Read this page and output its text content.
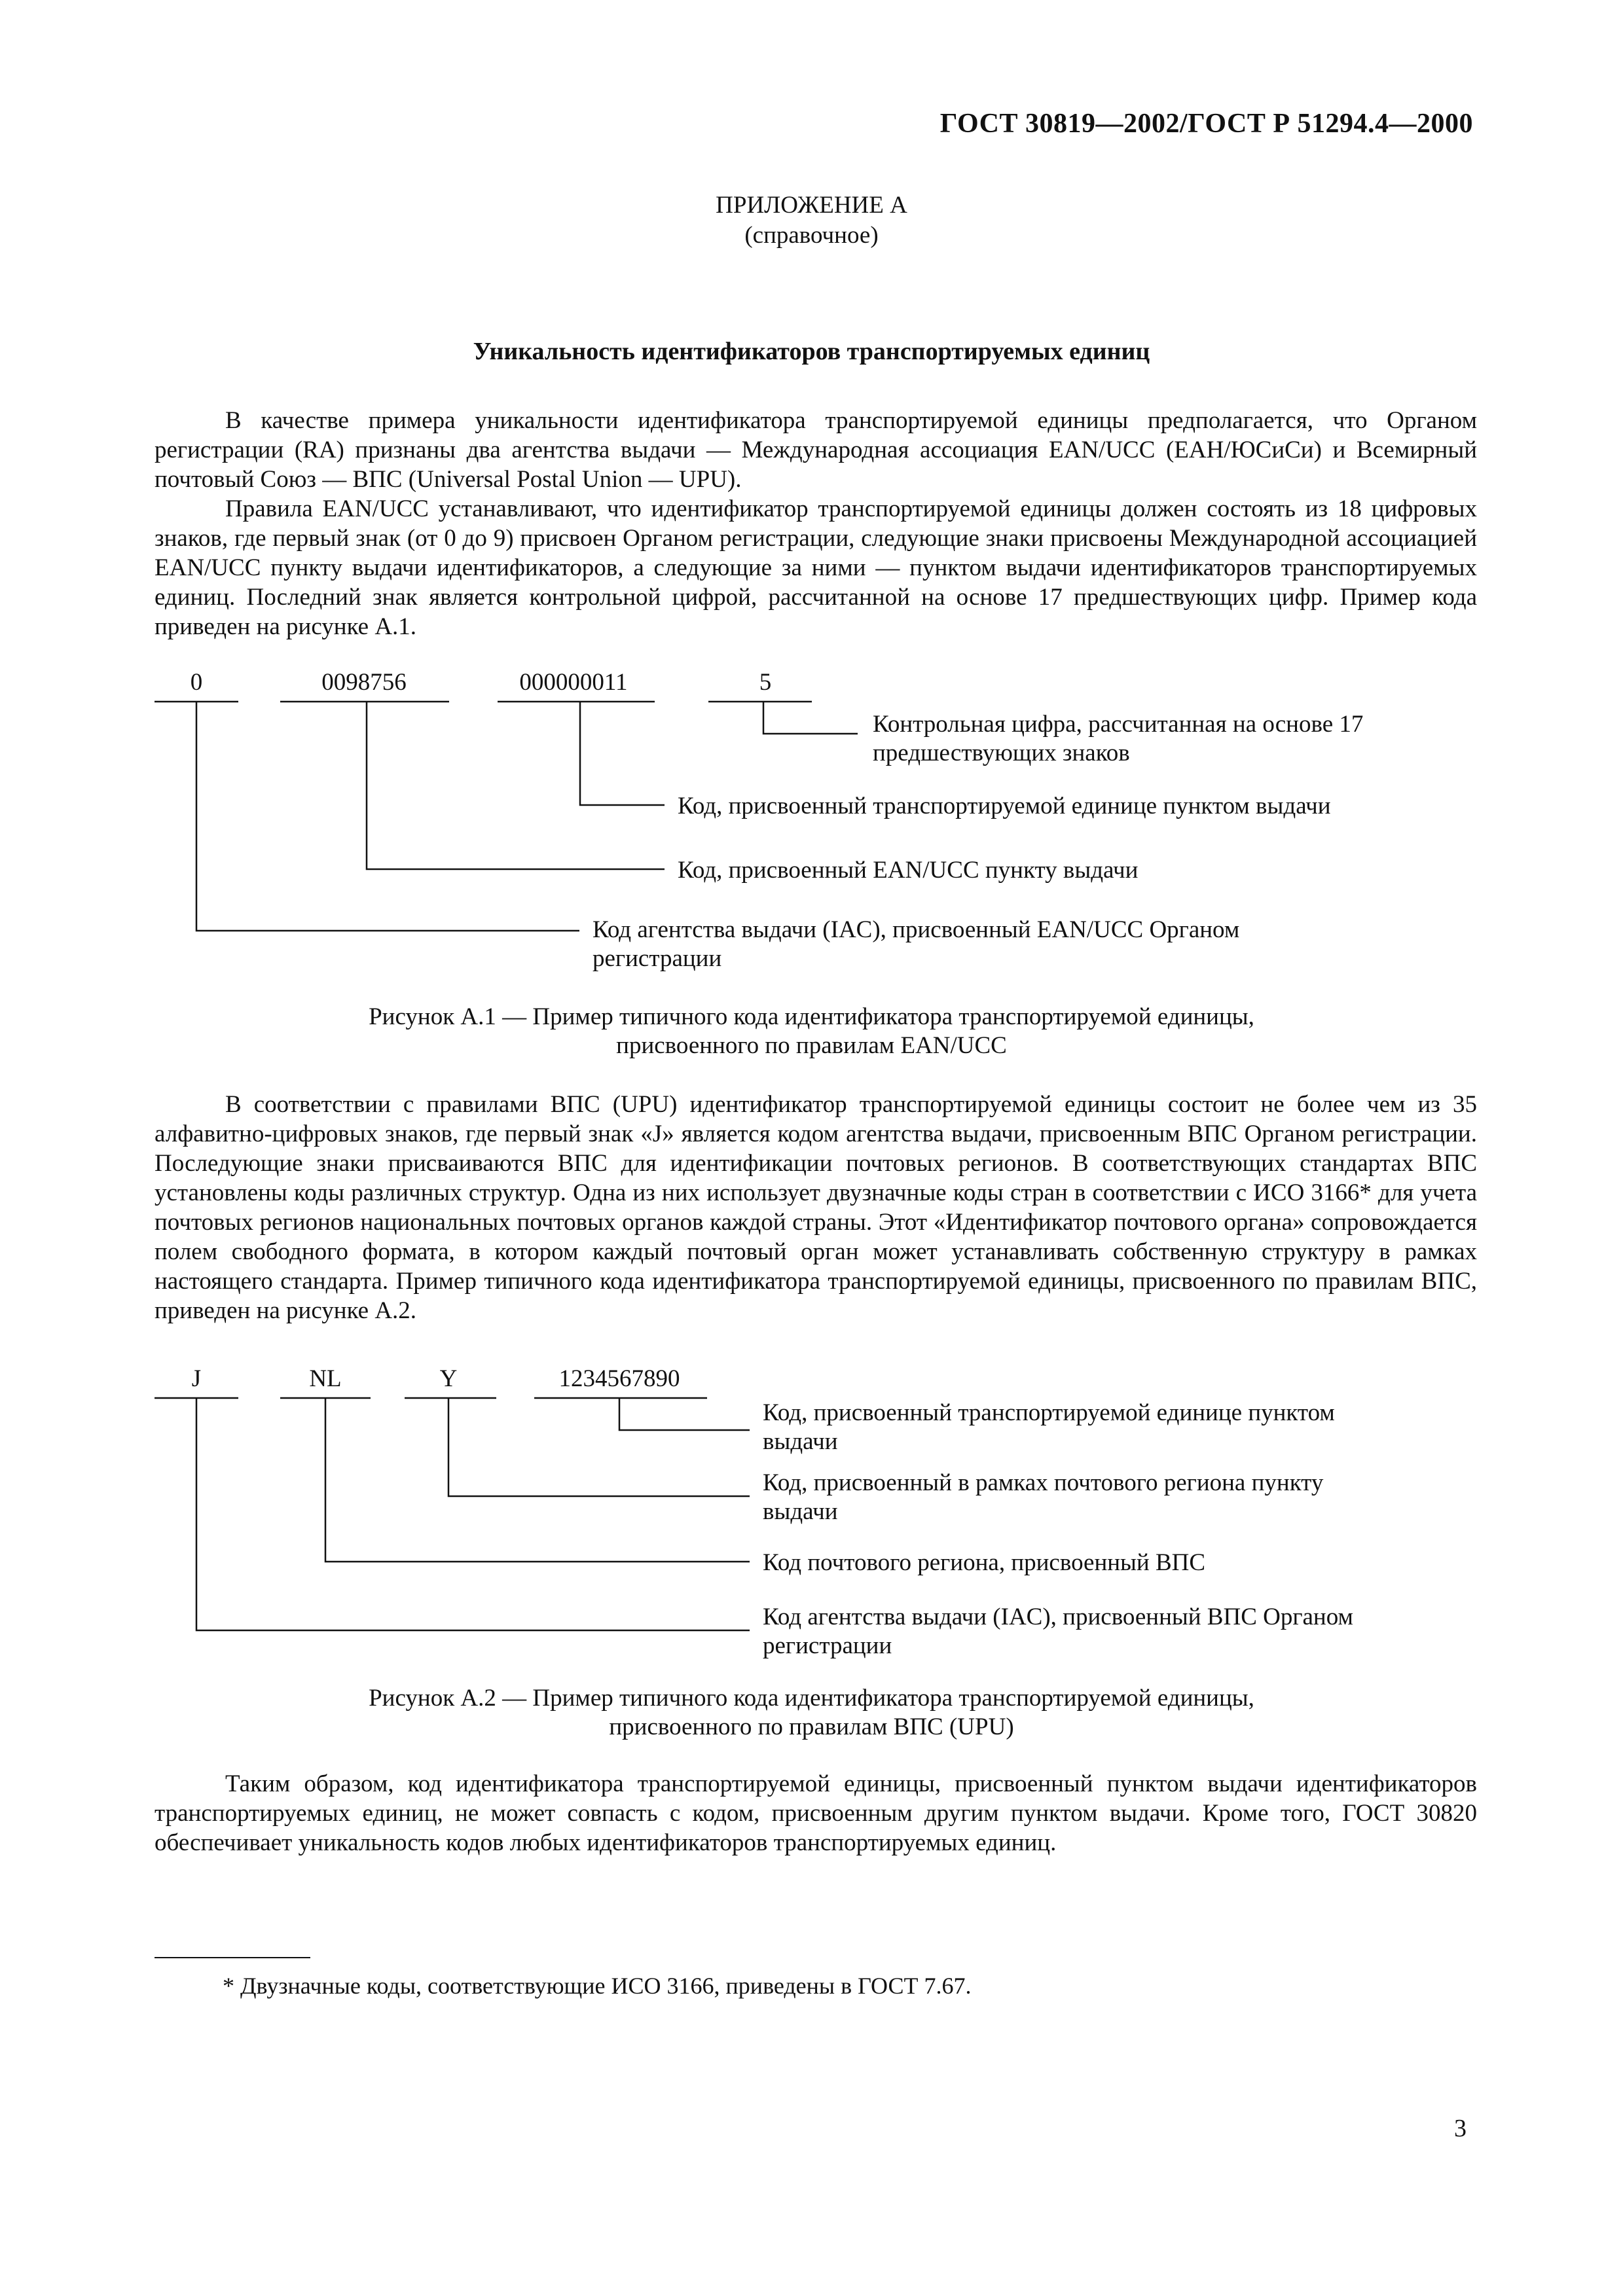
ГОСТ 30819—2002/ГОСТ Р 51294.4—2000
ПРИЛОЖЕНИЕ А
(справочное)
Уникальность идентификаторов транспортируемых единиц

В качестве примера уникальности идентификатора транспортируемой единицы предполагается, что Органом регистрации (RA) признаны два агентства выдачи — Международная ассоциация EAN/UCC (ЕАН/ЮСиСи) и Всемирный почтовый Союз — ВПС (Universal Postal Union — UPU).

Правила EAN/UCC устанавливают, что идентификатор транспортируемой единицы должен состоять из 18 цифровых знаков, где первый знак (от 0 до 9) присвоен Органом регистрации, следующие знаки присвоены Международной ассоциацией EAN/UCC пункту выдачи идентификаторов, а следующие за ними — пунктом выдачи идентификаторов транспортируемых единиц. Последний знак является контрольной цифрой, рассчитанной на основе 17 предшествующих цифр. Пример кода приведен на рисунке А.1.

0	0098756	000000011	5
Контрольная цифра, рассчитанная на основе 17
предшествующих знаков
Код, присвоенный транспортируемой единице пунктом выдачи
Код, присвоенный EAN/UCC пункту выдачи
Код агентства выдачи (IAC), присвоенный EAN/UCC Органом
регистрации
J	NL	Y	1234567890
Код, присвоенный транспортируемой единице пунктом
выдачи
Код, присвоенный в рамках почтового региона пункту
выдачи
Код почтового региона, присвоенный ВПС
Код агентства выдачи (IAC), присвоенный ВПС Органом
регистрации
Рисунок А.1 — Пример типичного кода идентификатора транспортируемой единицы,
присвоенного по правилам EAN/UCC

В соответствии с правилами ВПС (UPU) идентификатор транспортируемой единицы состоит не более чем из 35 алфавитно-цифровых знаков, где первый знак «J» является кодом агентства выдачи, присвоенным ВПС Органом регистрации. Последующие знаки присваиваются ВПС для идентификации почтовых регионов. В соответствующих стандартах ВПС установлены коды различных структур. Одна из них использует двузначные коды стран в соответствии с ИСО 3166* для учета почтовых регионов национальных почтовых органов каждой страны. Этот «Идентификатор почтового органа» сопровождается полем свободного формата, в котором каждый почтовый орган может устанавливать собственную структуру в рамках настоящего стандарта. Пример типичного кода идентификатора транспортируемой единицы, присвоенного по правилам ВПС, приведен на рисунке А.2.

Рисунок А.2 — Пример типичного кода идентификатора транспортируемой единицы,
присвоенного по правилам ВПС (UPU)

Таким образом, код идентификатора транспортируемой единицы, присвоенный пунктом выдачи идентификаторов транспортируемых единиц, не может совпасть с кодом, присвоенным другим пунктом выдачи. Кроме того, ГОСТ 30820 обеспечивает уникальность кодов любых идентификаторов транспортируемых единиц.

* Двузначные коды, соответствующие ИСО 3166, приведены в ГОСТ 7.67.
3
